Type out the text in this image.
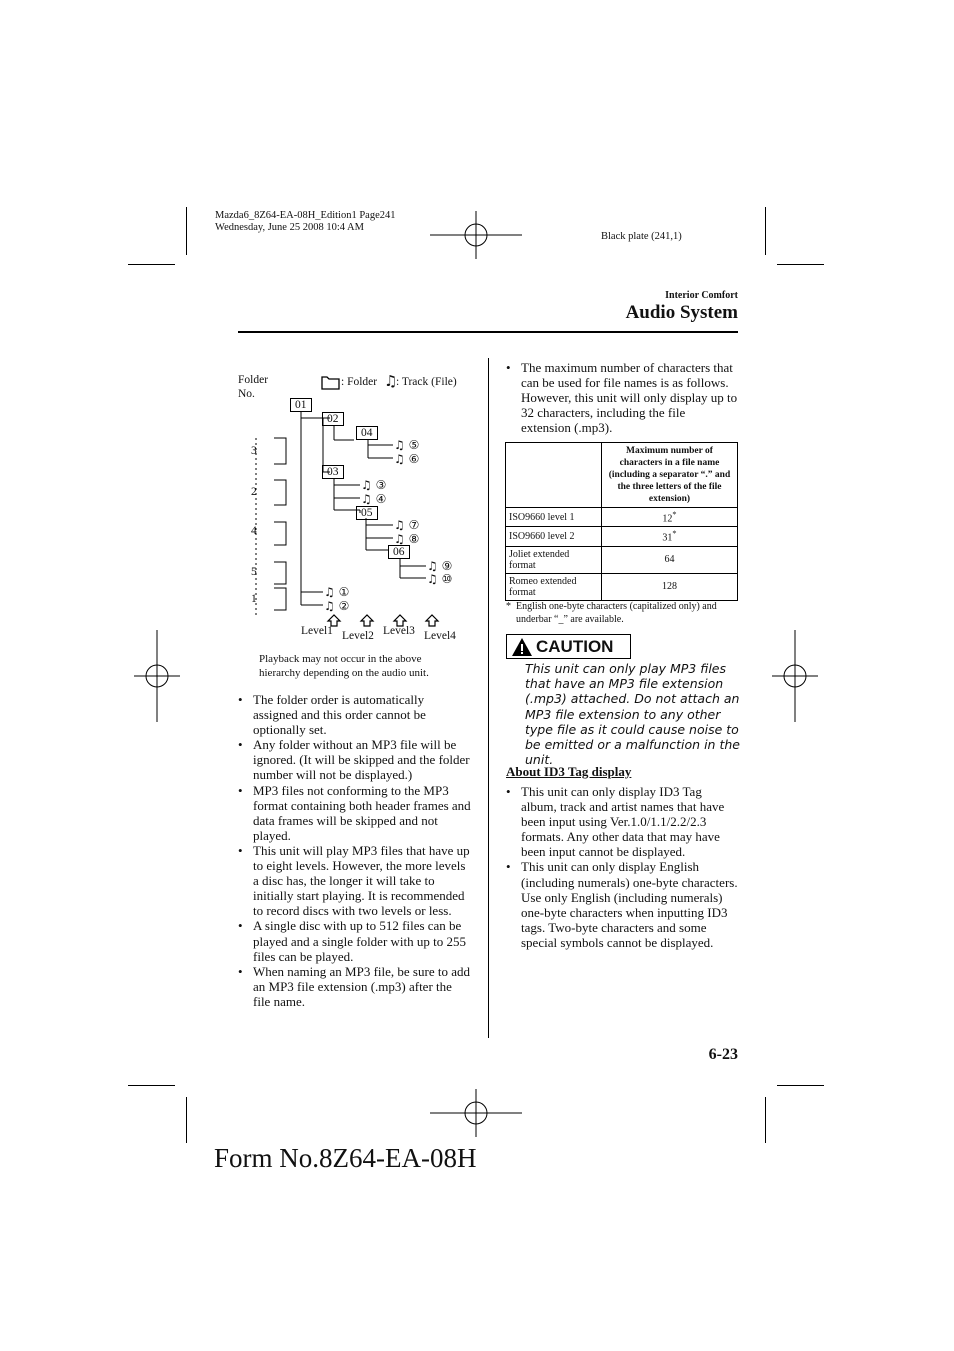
Mazda6_8Z64-EA-08H_Edition1 Page241
Wednesday, June 25 2008 10:4 AM
Black plate (241,1)
Interior Comfort
Audio System
Folder
No.
: Folder ♫
: Track (File)
01
02
04
03
05
06
3
2
4
5
1
♫ ⑤
♫ ⑥
♫ ③
♫ ④
♫ ⑦
♫ ⑧
♫ ⑨
♫ ⑩
♫ ①
♫ ②
Level1 Level2 Level3 Level4
Playback may not occur in the above
hierarchy depending on the audio unit.
• The folder order is automatically assigned and this order cannot be optionally set.
• Any folder without an MP3 file will be ignored. (It will be skipped and the folder number will not be displayed.)
• MP3 files not conforming to the MP3 format containing both header frames and data frames will be skipped and not played.
• This unit will play MP3 files that have up to eight levels. However, the more levels a disc has, the longer it will take to initially start playing. It is recommended to record discs with two levels or less.
• A single disc with up to 512 files can be played and a single folder with up to 255 files can be played.
• When naming an MP3 file, be sure to add an MP3 file extension (.mp3) after the file name.
• The maximum number of characters that can be used for file names is as follows. However, this unit will only display up to 32 characters, including the file extension (.mp3).
	Maximum number of characters in a file name (including a separator “.” and the three letters of the file extension)
ISO9660 level 1	12*
ISO9660 level 2	31*
Joliet extended format	64
Romeo extended format	128
* English one-byte characters (capitalized only) and underbar “_” are available.
CAUTION
This unit can only play MP3 files that have an MP3 file extension (.mp3) attached. Do not attach an MP3 file extension to any other type file as it could cause noise to be emitted or a malfunction in the unit.
About ID3 Tag display
• This unit can only display ID3 Tag album, track and artist names that have been input using Ver.1.0/1.1/2.2/2.3 formats. Any other data that may have been input cannot be displayed.
• This unit can only display English (including numerals) one-byte characters. Use only English (including numerals) one-byte characters when inputting ID3 tags. Two-byte characters and some special symbols cannot be displayed.
6-23
Form No.8Z64-EA-08H
